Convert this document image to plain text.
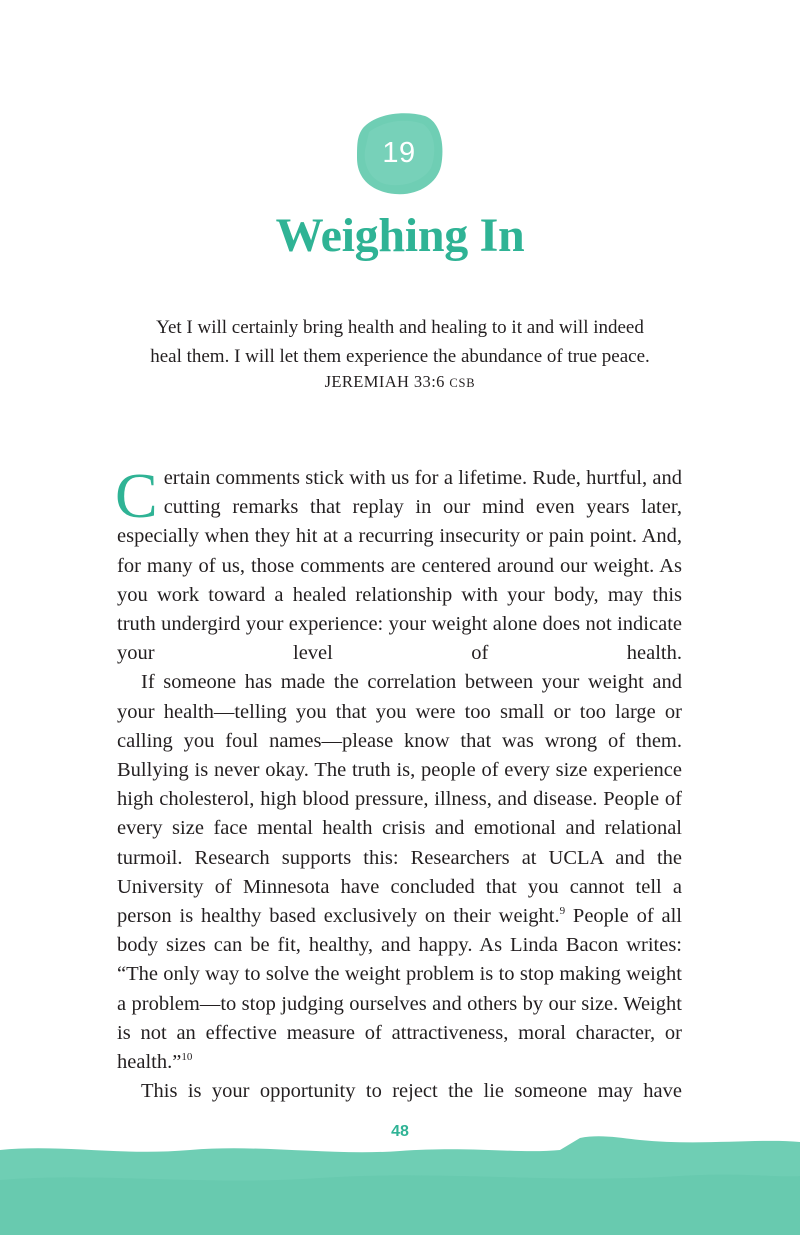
19
Weighing In
Yet I will certainly bring health and healing to it and will indeed
heal them. I will let them experience the abundance of true peace.
JEREMIAH 33:6 CSB

Certain comments stick with us for a lifetime. Rude, hurtful, and cutting remarks that replay in our mind even years later, especially when they hit at a recurring insecurity or pain point. And, for many of us, those comments are centered around our weight. As you work toward a healed relationship with your body, may this truth undergird your experience: your weight alone does not indicate your level of health.

If someone has made the correlation between your weight and your health—telling you that you were too small or too large or calling you foul names—please know that was wrong of them. Bullying is never okay. The truth is, people of every size experience high cholesterol, high blood pressure, illness, and disease. People of every size face mental health crisis and emotional and relational turmoil. Research supports this: Researchers at UCLA and the University of Minnesota have concluded that you cannot tell a person is healthy based exclusively on their weight.$^9$ People of all body sizes can be fit, healthy, and happy. As Linda Bacon writes: “The only way to solve the weight problem is to stop making weight a problem—to stop judging ourselves and others by our size. Weight is not an effective measure of attractiveness, moral character, or health.”$^{10}$

This is your opportunity to reject the lie someone may have

48
